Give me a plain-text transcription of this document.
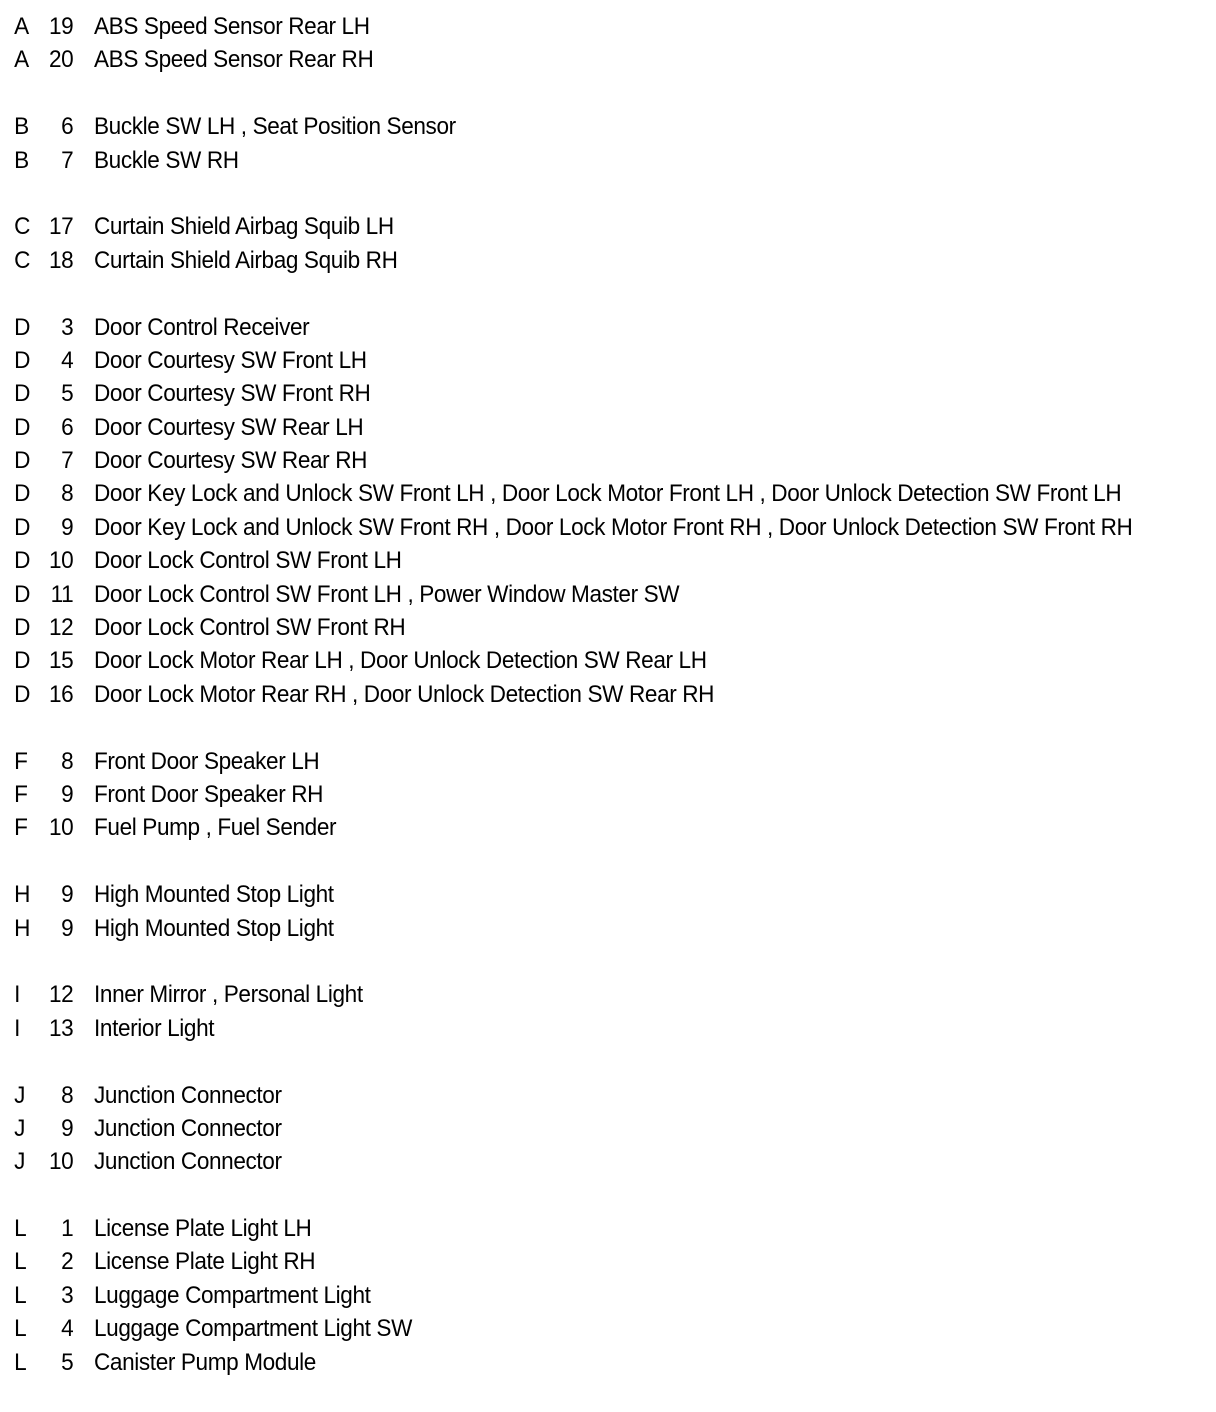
A 19 ABS Speed Sensor Rear LH
A 20 ABS Speed Sensor Rear RH
B	6 Buckle SW LH , Seat Position Sensor
B	7 Buckle SW RH
C 17 Curtain Shield Airbag Squib LH
C 18 Curtain Shield Airbag Squib RH
D	3 Door Control Receiver
D	4 Door Courtesy SW Front LH
D	5 Door Courtesy SW Front RH
D	6 Door Courtesy SW Rear LH
D	7 Door Courtesy SW Rear RH
D	8 Door Key Lock and Unlock SW Front LH , Door Lock Motor Front LH , Door Unlock Detection SW Front LH
D	9 Door Key Lock and Unlock SW Front RH , Door Lock Motor Front RH , Door Unlock Detection SW Front RH
D 10 Door Lock Control SW Front LH
D 11 Door Lock Control SW Front LH , Power Window Master SW
D 12 Door Lock Control SW Front RH
D 15 Door Lock Motor Rear LH , Door Unlock Detection SW Rear LH
D 16 Door Lock Motor Rear RH , Door Unlock Detection SW Rear RH
F	8 Front Door Speaker LH
F	9 Front Door Speaker RH
F 10 Fuel Pump , Fuel Sender
H	9 High Mounted Stop Light
H	9 High Mounted Stop Light
I	12 Inner Mirror , Personal Light
I	13 Interior Light
J	8 Junction Connector
J	9 Junction Connector
J 10 Junction Connector
L	1 License Plate Light LH
L	2 License Plate Light RH
L	3 Luggage Compartment Light
L	4 Luggage Compartment Light SW
L	5 Canister Pump Module
